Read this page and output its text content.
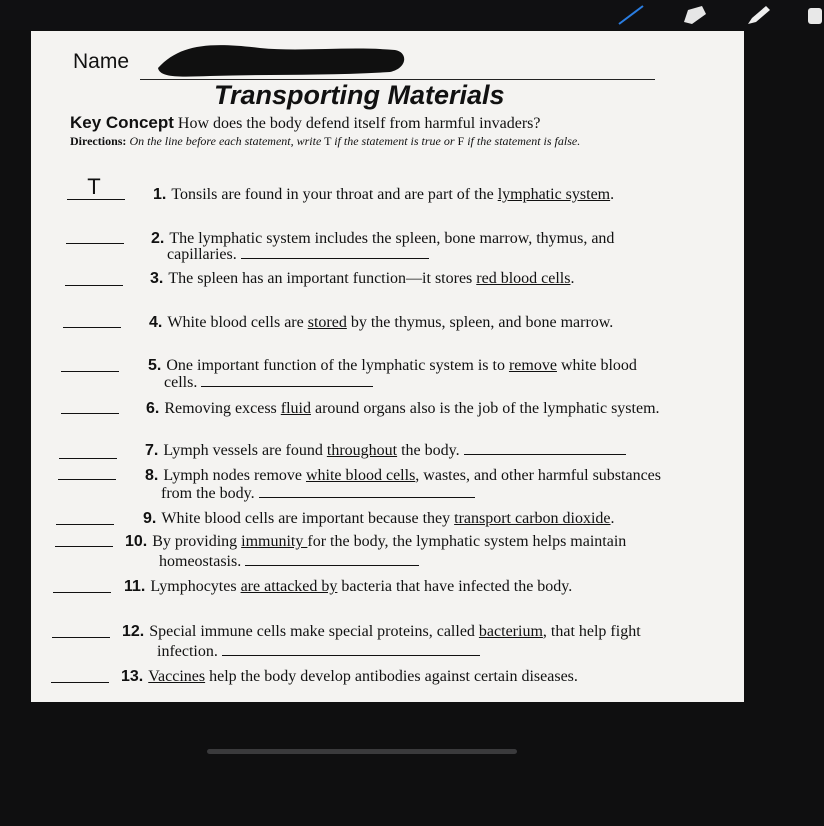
Name
Transporting Materials
Key Concept How does the body defend itself from harmful invaders?
Directions: On the line before each statement, write T if the statement is true or F if the statement is false.
T	1. Tonsils are found in your throat and are part of the lymphatic system.
2. The lymphatic system includes the spleen, bone marrow, thymus, and
capillaries.
3. The spleen has an important function—it stores red blood cells.
4. White blood cells are stored by the thymus, spleen, and bone marrow.
5. One important function of the lymphatic system is to remove white blood
cells.
6. Removing excess fluid around organs also is the job of the lymphatic system.
7. Lymph vessels are found throughout the body.
8. Lymph nodes remove white blood cells, wastes, and other harmful substances
from the body.
9. White blood cells are important because they transport carbon dioxide.
10. By providing immunity for the body, the lymphatic system helps maintain
homeostasis.
11. Lymphocytes are attacked by bacteria that have infected the body.
12. Special immune cells make special proteins, called bacterium, that help fight
infection.
13. Vaccines help the body develop antibodies against certain diseases.
